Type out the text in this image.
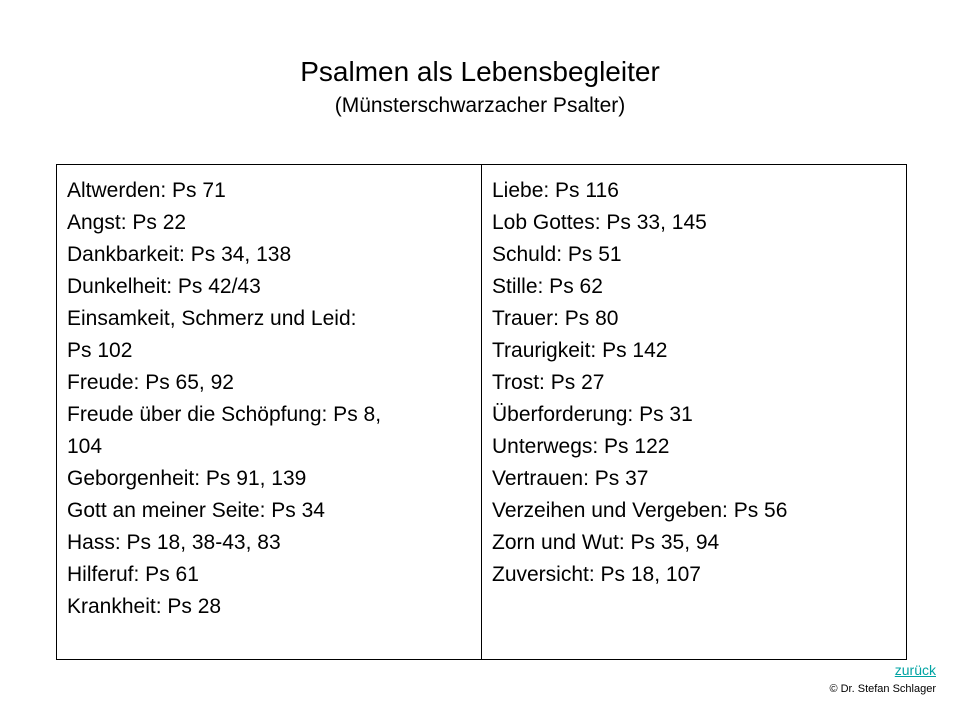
Psalmen als Lebensbegleiter
(Münsterschwarzacher Psalter)
Altwerden: Ps 71
Angst: Ps 22
Dankbarkeit: Ps 34, 138
Dunkelheit: Ps 42/43
Einsamkeit, Schmerz und Leid:
Ps 102
Freude: Ps 65, 92
Freude über die Schöpfung: Ps 8,
104
Geborgenheit: Ps 91, 139
Gott an meiner Seite: Ps 34
Hass: Ps 18, 38-43, 83
Hilferuf: Ps 61
Krankheit: Ps 28
Liebe: Ps 116
Lob Gottes: Ps 33, 145
Schuld: Ps 51
Stille: Ps 62
Trauer: Ps 80
Traurigkeit: Ps 142
Trost: Ps 27
Überforderung: Ps 31
Unterwegs: Ps 122
Vertrauen: Ps 37
Verzeihen und Vergeben: Ps 56
Zorn und Wut: Ps 35, 94
Zuversicht: Ps 18, 107
zurück
© Dr. Stefan Schlager
